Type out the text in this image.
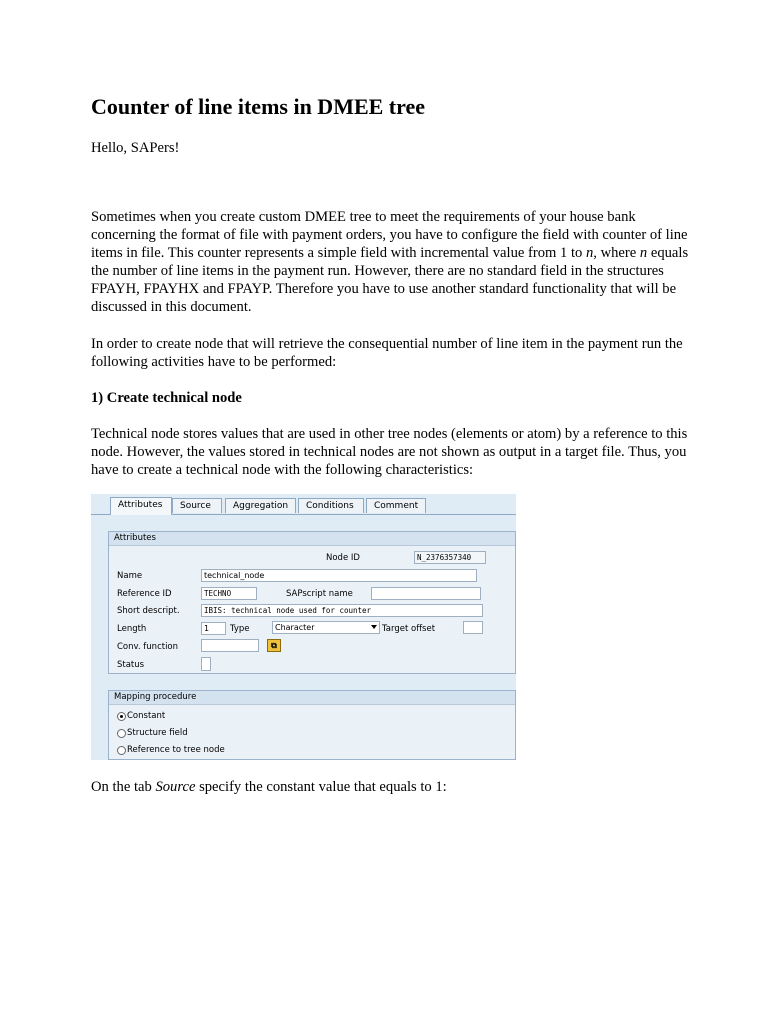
Counter of line items in DMEE tree

Hello, SAPers!

Sometimes when you create custom DMEE tree to meet the requirements of your house bank concerning the format of file with payment orders, you have to configure the field with counter of line items in file. This counter represents a simple field with incremental value from 1 to n, where n equals the number of line items in the payment run. However, there are no standard field in the structures FPAYH, FPAYHX and FPAYP. Therefore you have to use another standard functionality that will be discussed in this document.

In order to create node that will retrieve the consequential number of line item in the payment run the following activities have to be performed:

1) Create technical node

Technical node stores values that are used in other tree nodes (elements or atom) by a reference to this node. However, the values stored in technical nodes are not shown as output in a target file. Thus, you have to create a technical node with the following characteristics:

On the tab Source specify the constant value that equals to 1:

Attributes	Source	Aggregation	Conditions	Comment
Attributes
Node ID	N_2376357340
Name	technical_node
Reference ID	TECHNO	SAPscript name
Short descript.	IBIS: technical node used for counter
Length	1	Type	Character	Target offset
Conv. function	⧉
Status
Mapping procedure
Constant
Structure field
Reference to tree node
